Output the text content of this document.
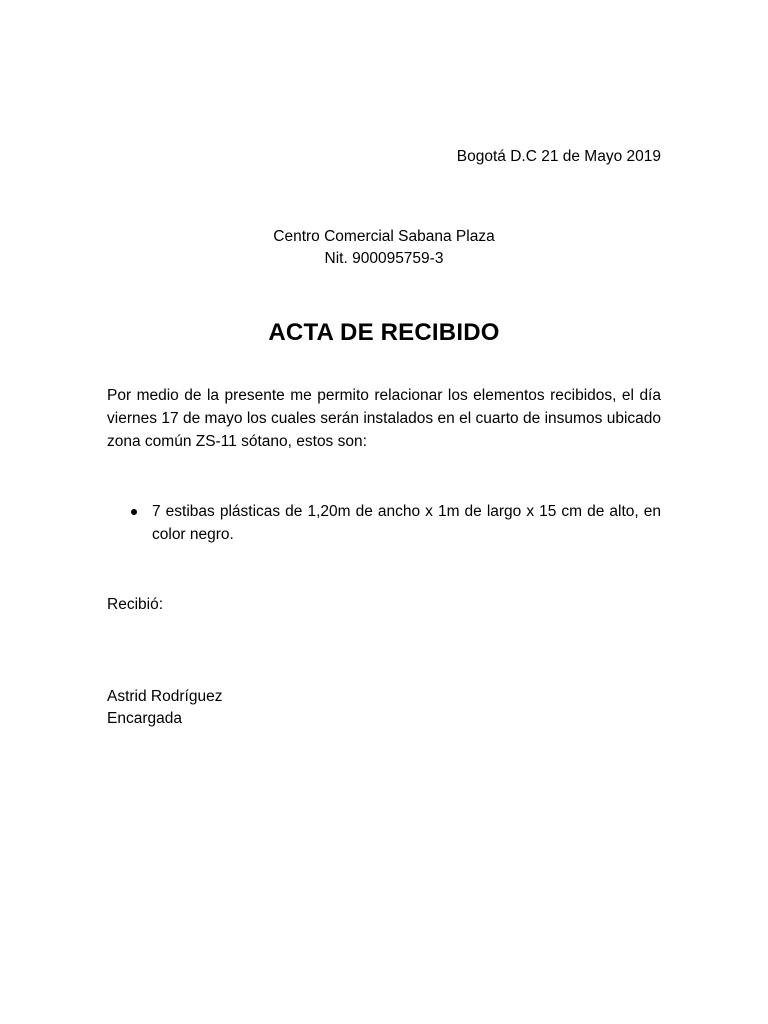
Bogotá D.C 21 de Mayo 2019
Centro Comercial Sabana Plaza
Nit. 900095759-3
ACTA DE RECIBIDO

Por medio de la presente me permito relacionar los elementos recibidos, el día viernes 17 de mayo los cuales serán instalados en el cuarto de insumos ubicado zona común ZS-11 sótano, estos son:

7 estibas plásticas de 1,20m de ancho x 1m de largo x 15 cm de alto, en color negro.
Recibió:
Astrid Rodríguez
Encargada
